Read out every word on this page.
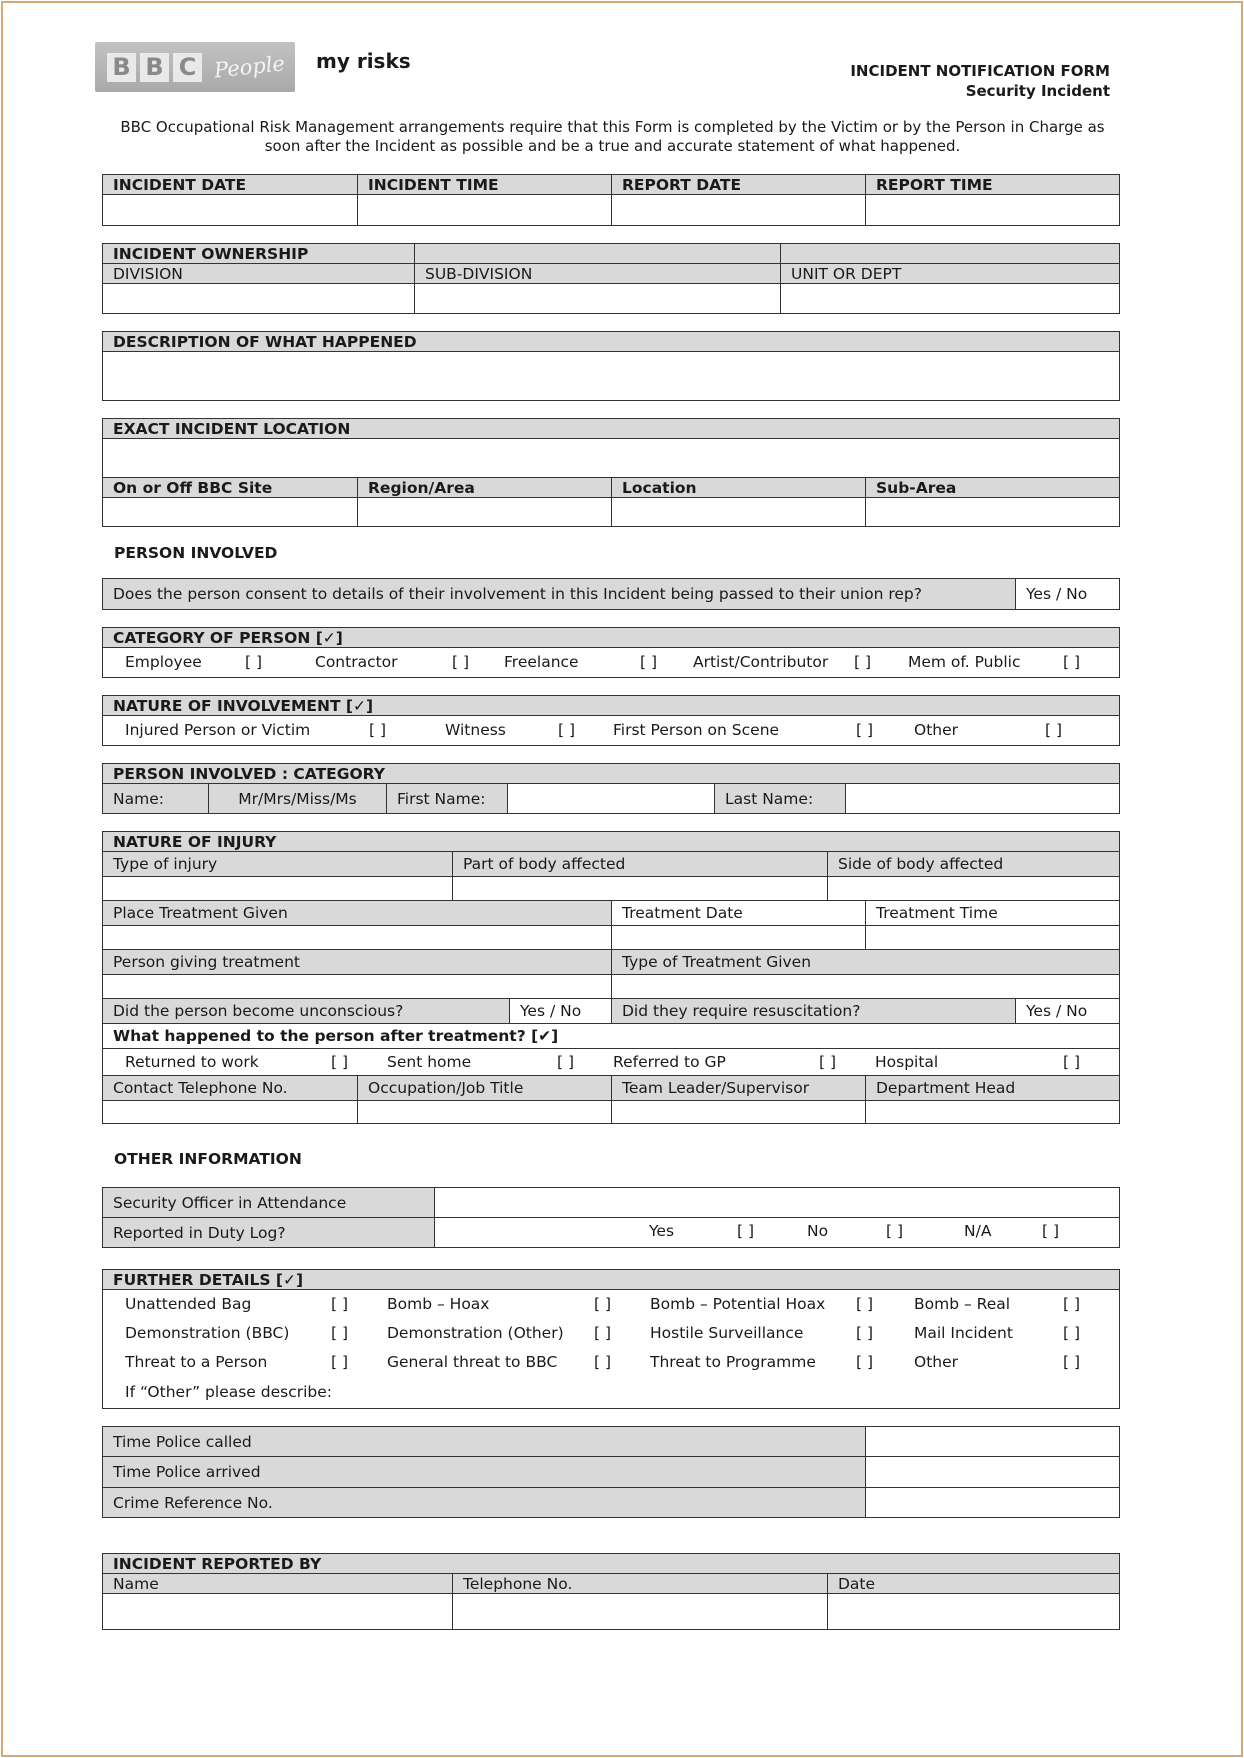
B B C People my risks	INCIDENT NOTIFICATION FORM
Security Incident
BBC Occupational Risk Management arrangements require that this Form is completed by the Victim or by the Person in Charge as soon after the Incident as possible and be a true and accurate statement of what happened.
INCIDENT DATE	INCIDENT TIME	REPORT DATE	REPORT TIME
INCIDENT OWNERSHIP
DIVISION	SUB-DIVISION	UNIT OR DEPT
DESCRIPTION OF WHAT HAPPENED
EXACT INCIDENT LOCATION
On or Off BBC Site	Region/Area	Location	Sub-Area
PERSON INVOLVED
Does the person consent to details of their involvement in this Incident being passed to their union rep?	Yes / No
CATEGORY OF PERSON [✓]
Employee	[ ]	Contractor	[ ] Freelance	[ ] Artist/Contributor [ ] Mem of. Public	[ ]
NATURE OF INVOLVEMENT [✓]
Injured Person or Victim	[ ]	Witness	[ ] First Person on Scene	[ ]	Other	[ ]
PERSON INVOLVED : CATEGORY
Name:	Mr/Mrs/Miss/Ms	First Name:	Last Name:
NATURE OF INJURY
Type of injury	Part of body affected	Side of body affected
Place Treatment Given	Treatment Date	Treatment Time
Person giving treatment	Type of Treatment Given
Did the person become unconscious?	Yes / No	Did they require resuscitation?	Yes / No
What happened to the person after treatment? [✔]
Returned to work	[ ]	Sent home	[ ]	Referred to GP	[ ]	Hospital	[ ]
Contact Telephone No.	Occupation/Job Title	Team Leader/Supervisor	Department Head
OTHER INFORMATION
Security Officer in Attendance
Reported in Duty Log?	Yes	[ ]	No	[ ]	N/A	[ ]
FURTHER DETAILS [✓]
Unattended Bag	[ ]	Bomb – Hoax	[ ]	Bomb – Potential Hoax [ ]	Bomb – Real	[ ]
Demonstration (BBC)	[ ]	Demonstration (Other) [ ]	Hostile Surveillance	[ ]	Mail Incident	[ ]
Threat to a Person	[ ]	General threat to BBC [ ]	Threat to Programme	[ ]	Other	[ ]
If “Other” please describe:
Time Police called
Time Police arrived
Crime Reference No.
INCIDENT REPORTED BY
Name	Telephone No.	Date
